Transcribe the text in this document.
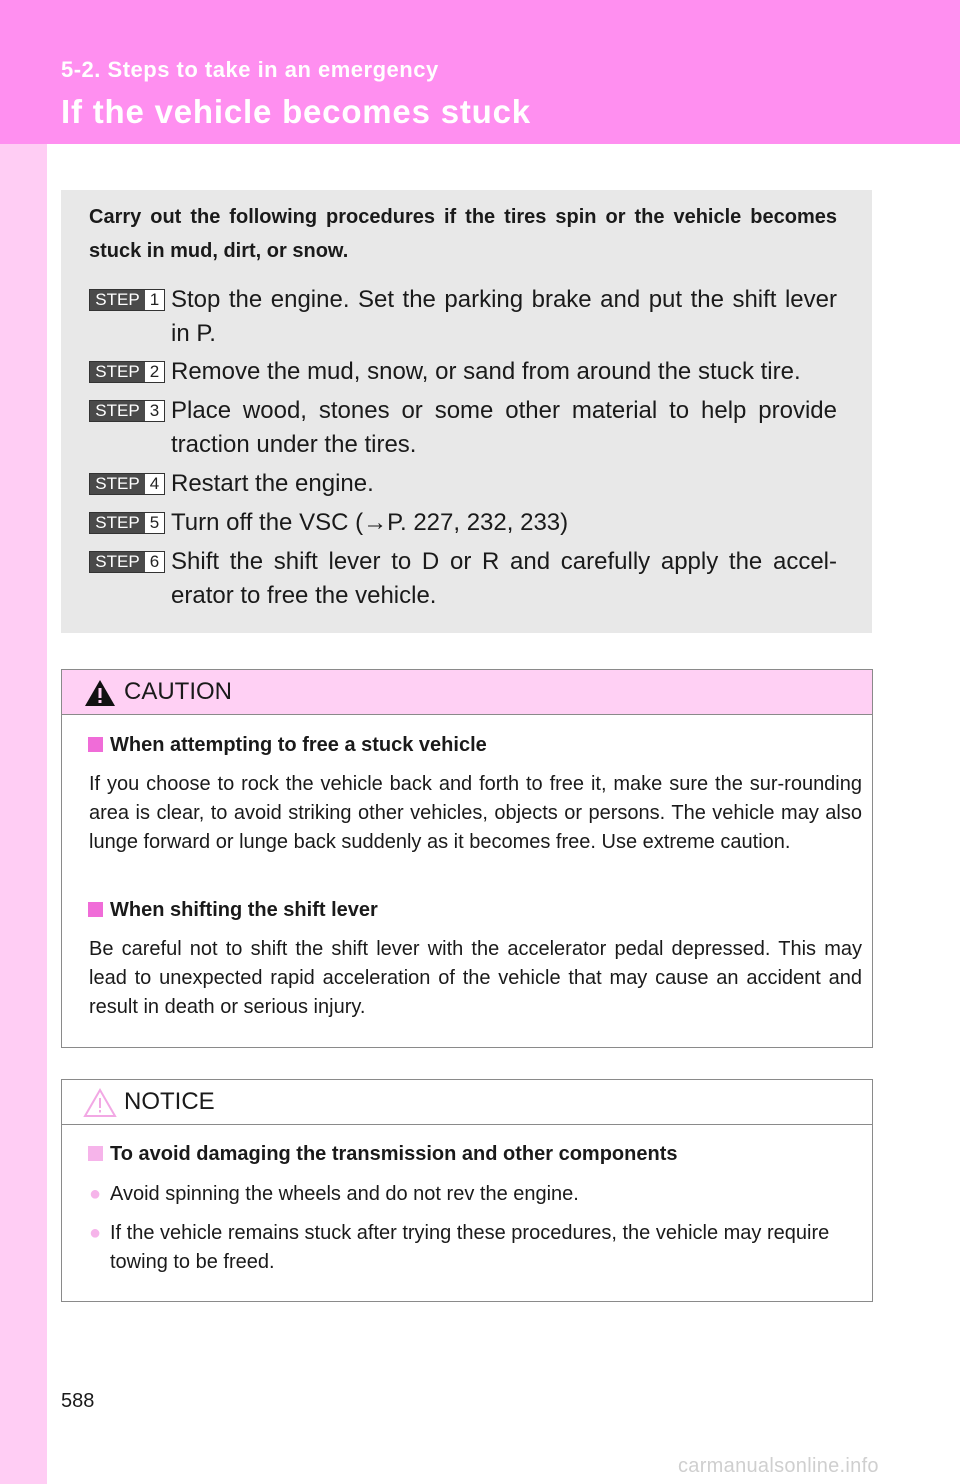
5-2. Steps to take in an emergency
If the vehicle becomes stuck
Carry out the following procedures if the tires spin or the vehicle becomes stuck in mud, dirt, or snow.
STEP 1 Stop the engine. Set the parking brake and put the shift lever in P.
STEP 2 Remove the mud, snow, or sand from around the stuck tire.
STEP 3 Place wood, stones or some other material to help provide traction under the tires.
STEP 4 Restart the engine.
STEP 5 Turn off the VSC (→P. 227, 232, 233)
STEP 6 Shift the shift lever to D or R and carefully apply the accel-erator to free the vehicle.
CAUTION
When attempting to free a stuck vehicle
If you choose to rock the vehicle back and forth to free it, make sure the sur-rounding area is clear, to avoid striking other vehicles, objects or persons. The vehicle may also lunge forward or lunge back suddenly as it becomes free. Use extreme caution.
When shifting the shift lever
Be careful not to shift the shift lever with the accelerator pedal depressed. This may lead to unexpected rapid acceleration of the vehicle that may cause an accident and result in death or serious injury.
NOTICE
To avoid damaging the transmission and other components
● Avoid spinning the wheels and do not rev the engine.
● If the vehicle remains stuck after trying these procedures, the vehicle may require towing to be freed.
588
carmanualsonline.info
